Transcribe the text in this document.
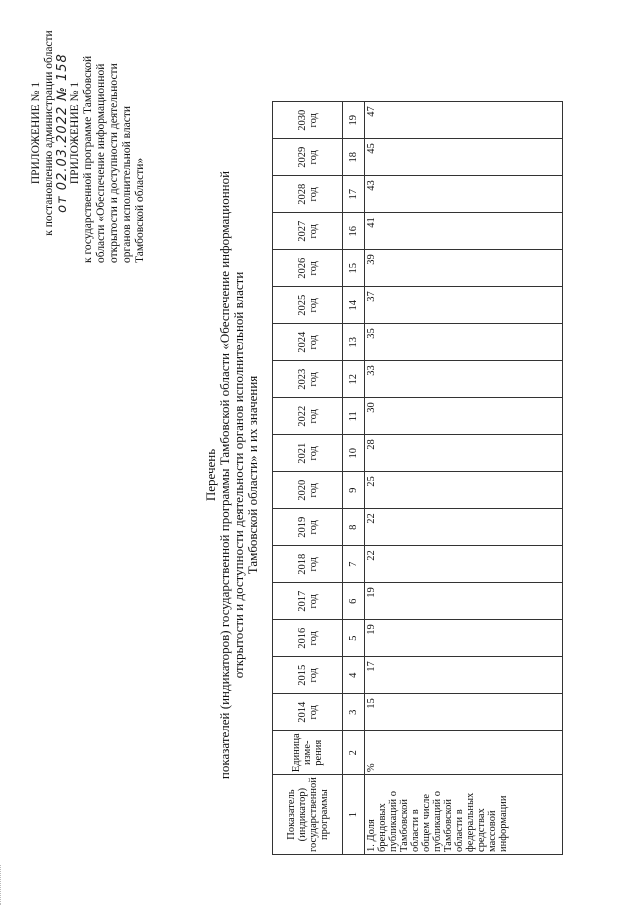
ПРИЛОЖЕНИЕ № 1 к постановлению администрации области от 02.03.2022 № 158 ПРИЛОЖЕНИЕ № 1 к государственной программе Тамбовской области «Обеспечение информационной открытости и доступности деятельности органов исполнительной власти Тамбовской области»
Перечень показателей (индикаторов) государственной программы Тамбовской области «Обеспечение информационной открытости и доступности деятельности органов исполнительной власти Тамбовской области» и их значения
Показатель (индикатор) государственной программы	Единица изме-рения	2014 год	2015 год	2016 год	2017 год	2018 год	2019 год	2020 год	2021 год	2022 год	2023 год	2024 год	2025 год	2026 год	2027 год	2028 год	2029 год	2030 год
1	2	3	4	5	6	7	8	9	10	11	12	13	14	15	16	17	18	19
1. Доля брендовых публикаций о Тамбовской области в общем числе публикаций о Тамбовской области в федеральных средствах массовой информации	%	15	17	19	19	22	22	25	28	30	33	35	37	39	41	43	45	47
